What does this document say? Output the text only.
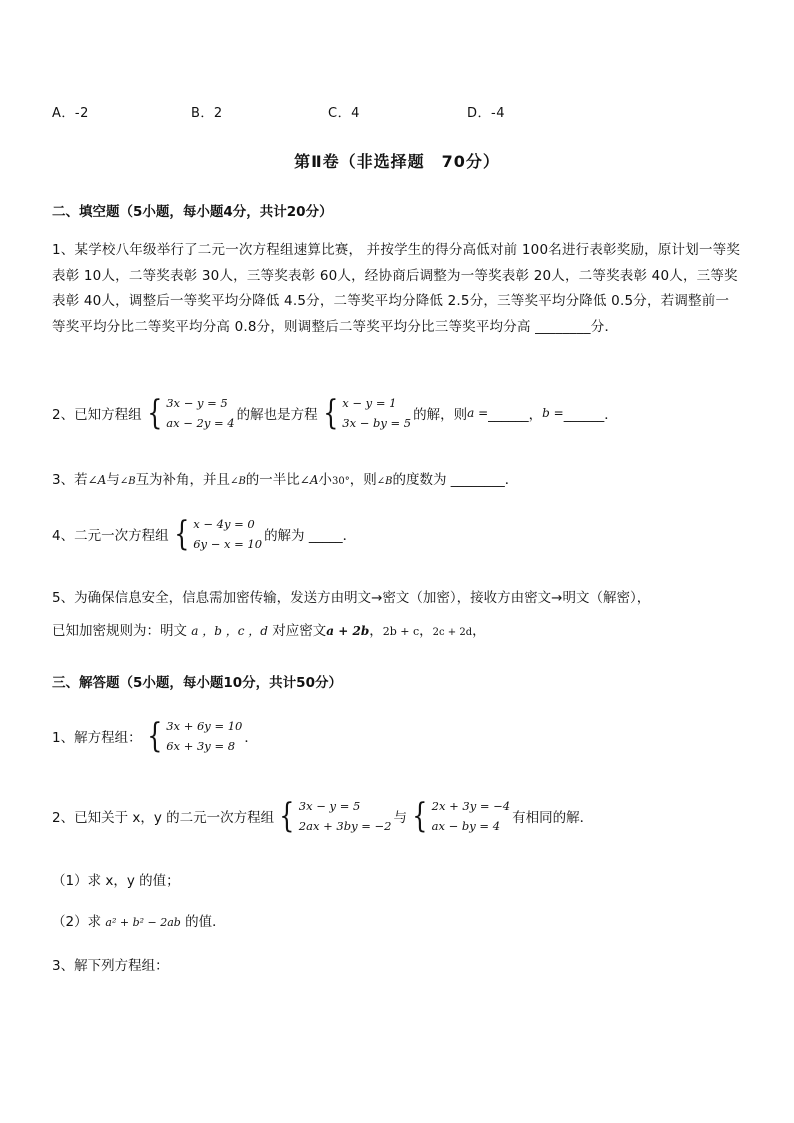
A．-2	B．2	C．4	D．-4
第Ⅱ卷（非选择题　70分）
二、填空题（5小题，每小题4分，共计20分）
1、某学校八年级举行了二元一次方程组速算比赛， 并按学生的得分高低对前 100名进行表彰奖励，原计划一等奖表彰 10人，二等奖表彰 30人，三等奖表彰 60人，经协商后调整为一等奖表彰 20人，二等奖表彰 40人，三等奖表彰 40人，调整后一等奖平均分降低 4.5分，二等奖平均分降低 2.5分，三等奖平均分降低 0.5分，若调整前一等奖平均分比二等奖平均分高 0.8分，则调整后二等奖平均分比三等奖平均分高 ________分．
2、已知方程组 { 3x − y = 5
ax − 2y = 4 的解也是方程 { x − y = 1
3x − by = 5 的解，则 a = ______， b = ______．
3、若∠A与∠B互为补角，并且∠B的一半比∠A小30°，则∠B的度数为 ________．
4、二元一次方程组 { x − 4y = 0
6y − x = 10 的解为 _____．
5、为确保信息安全，信息需加密传输，发送方由明文→密文（加密），接收方由密文→明文（解密），
已知加密规则为：明文 a ，b ，c ，d 对应密文a + 2b，2b + c，2c + 2d，
三、解答题（5小题，每小题10分，共计50分）
1、解方程组： { 3x + 6y = 10
6x + 3y = 8 ．
2、已知关于 x，y 的二元一次方程组 { 3x − y = 5
2ax + 3by = −2 与 { 2x + 3y = −4
ax − by = 4 有相同的解．
（1）求 x，y 的值；
（2）求 a² + b² − 2ab 的值．
3、解下列方程组：
